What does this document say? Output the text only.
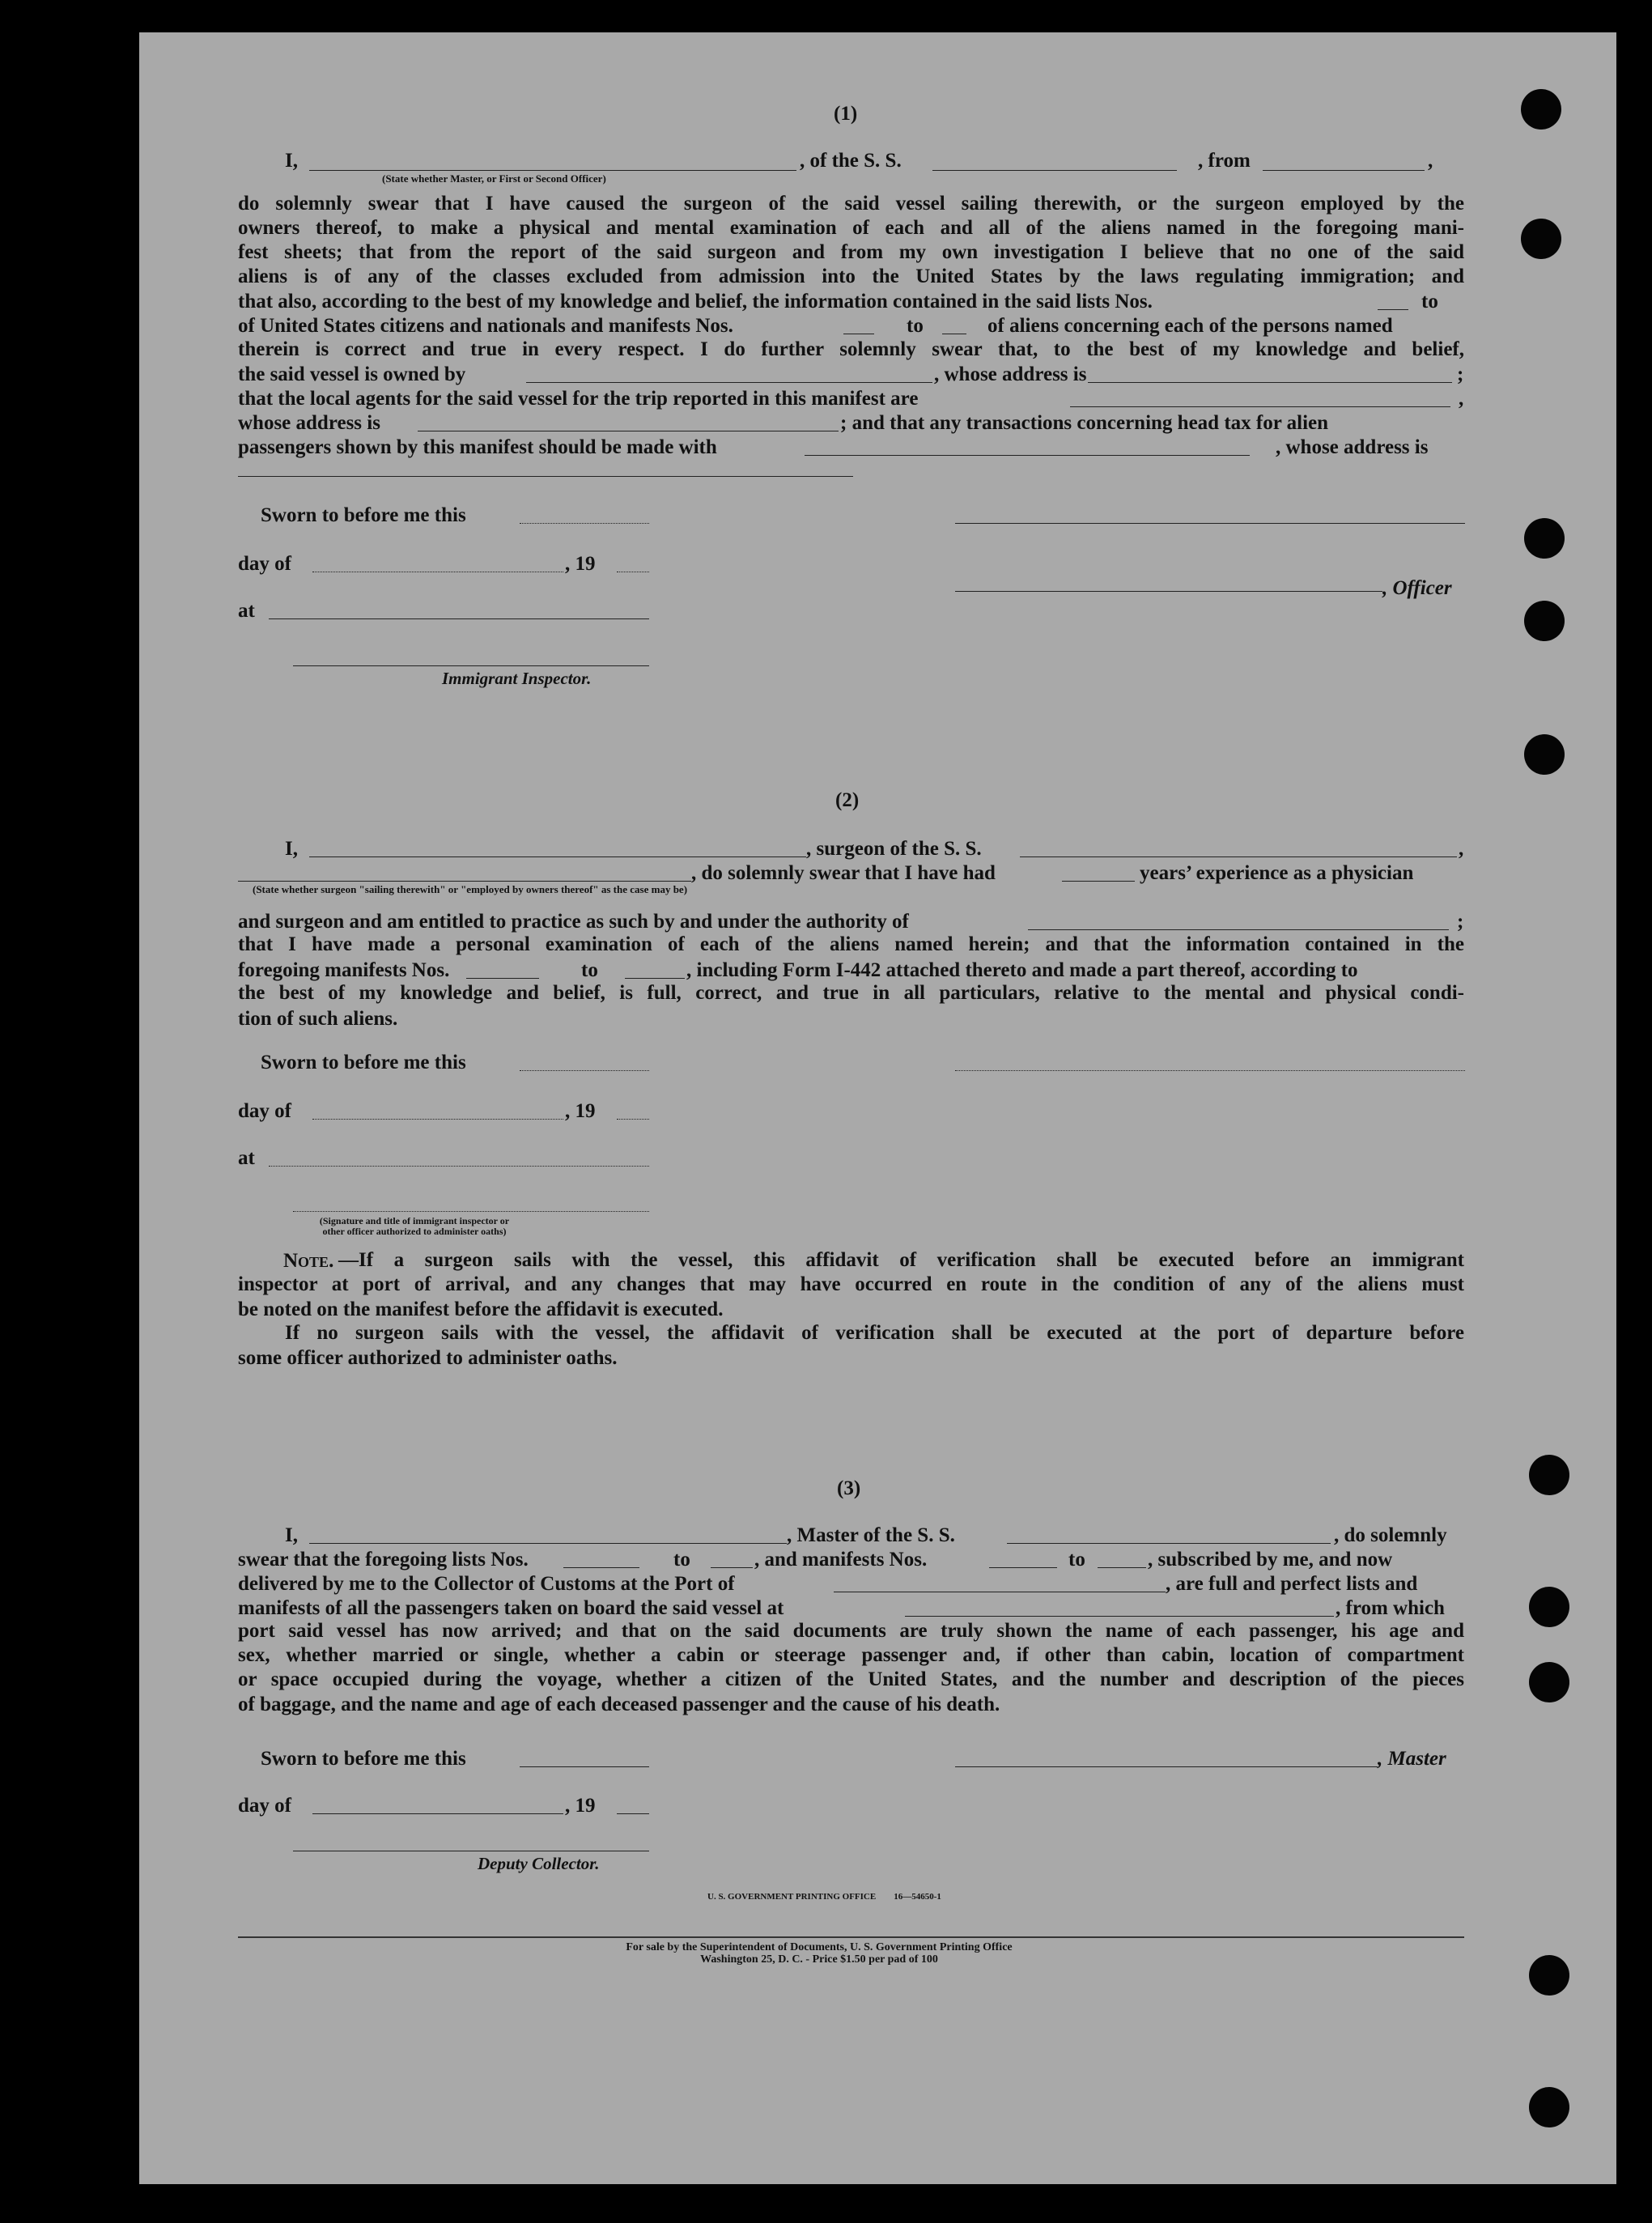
(1)
I,	, of the S. S.	, from	,
(State whether Master, or First or Second Officer)
do solemnly swear that I have caused the surgeon of the said vessel sailing therewith, or the surgeon employed by the
owners thereof, to make a physical and mental examination of each and all of the aliens named in the foregoing mani-
fest sheets; that from the report of the said surgeon and from my own investigation I believe that no one of the said
aliens is of any of the classes excluded from admission into the United States by the laws regulating immigration; and
that also, according to the best of my knowledge and belief, the information contained in the said lists Nos.	to
of United States citizens and nationals and manifests Nos.	to	of aliens concerning each of the persons named
therein is correct and true in every respect. I do further solemnly swear that, to the best of my knowledge and belief,
the said vessel is owned by	, whose address is	;
that the local agents for the said vessel for the trip reported in this manifest are	,
whose address is	; and that any transactions concerning head tax for alien
passengers shown by this manifest should be made with	, whose address is
Sworn to before me this
day of	, 19
, Officer
at
Immigrant Inspector.
(2)
I,	, surgeon of the S. S.	,
, do solemnly swear that I have had	years’ experience as a physician
(State whether surgeon "sailing therewith" or "employed by owners thereof" as the case may be)
and surgeon and am entitled to practice as such by and under the authority of	;
that I have made a personal examination of each of the aliens named herein; and that the information contained in the
foregoing manifests Nos.	to	, including Form I-442 attached thereto and made a part thereof, according to
the best of my knowledge and belief, is full, correct, and true in all particulars, relative to the mental and physical condi-
tion of such aliens.
Sworn to before me this
day of	, 19
at
(Signature and title of immigrant inspector or
other officer authorized to administer oaths)
Note. —If a surgeon sails with the vessel, this affidavit of verification shall be executed before an immigrant
inspector at port of arrival, and any changes that may have occurred en route in the condition of any of the aliens must
be noted on the manifest before the affidavit is executed.
If no surgeon sails with the vessel, the affidavit of verification shall be executed at the port of departure before
some officer authorized to administer oaths.
(3)
I,	, Master of the S. S.	, do solemnly
swear that the foregoing lists Nos.	to	, and manifests Nos.	to	, subscribed by me, and now
delivered by me to the Collector of Customs at the Port of	, are full and perfect lists and
manifests of all the passengers taken on board the said vessel at	, from which
port said vessel has now arrived; and that on the said documents are truly shown the name of each passenger, his age and
sex, whether married or single, whether a cabin or steerage passenger and, if other than cabin, location of compartment
or space occupied during the voyage, whether a citizen of the United States, and the number and description of the pieces
of baggage, and the name and age of each deceased passenger and the cause of his death.
Sworn to before me this	, Master
day of	, 19
Deputy Collector.
U. S. GOVERNMENT PRINTING OFFICE        16—54650-1
For sale by the Superintendent of Documents, U. S. Government Printing Office
Washington 25, D. C. - Price $1.50 per pad of 100
